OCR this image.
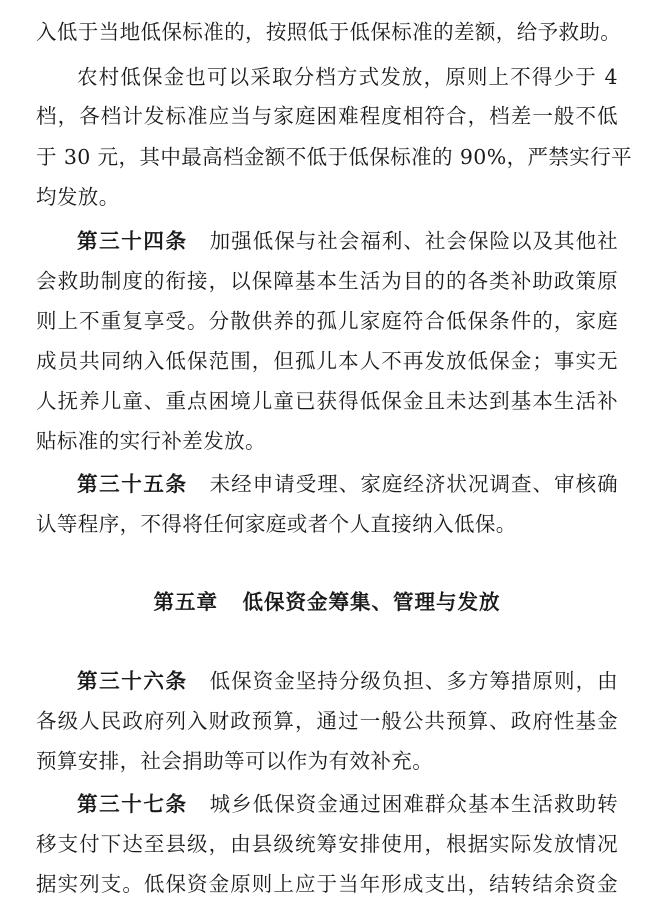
入低于当地低保标准的，按照低于低保标准的差额，给予救助。
农村低保金也可以采取分档方式发放，原则上不得少于 4
档，各档计发标准应当与家庭困难程度相符合，档差一般不低
于 30 元，其中最高档金额不低于低保标准的 90%，严禁实行平
均发放。
第三十四条 加强低保与社会福利、社会保险以及其他社
会救助制度的衔接，以保障基本生活为目的的各类补助政策原
则上不重复享受。分散供养的孤儿家庭符合低保条件的，家庭
成员共同纳入低保范围，但孤儿本人不再发放低保金；事实无
人抚养儿童、重点困境儿童已获得低保金且未达到基本生活补
贴标准的实行补差发放。
第三十五条 未经申请受理、家庭经济状况调查、审核确
认等程序，不得将任何家庭或者个人直接纳入低保。
第五章   低保资金筹集、管理与发放
第三十六条 低保资金坚持分级负担、多方筹措原则，由
各级人民政府列入财政预算，通过一般公共预算、政府性基金
预算安排，社会捐助等可以作为有效补充。
第三十七条 城乡低保资金通过困难群众基本生活救助转
移支付下达至县级，由县级统筹安排使用，根据实际发放情况
据实列支。低保资金原则上应于当年形成支出，结转结余资金
